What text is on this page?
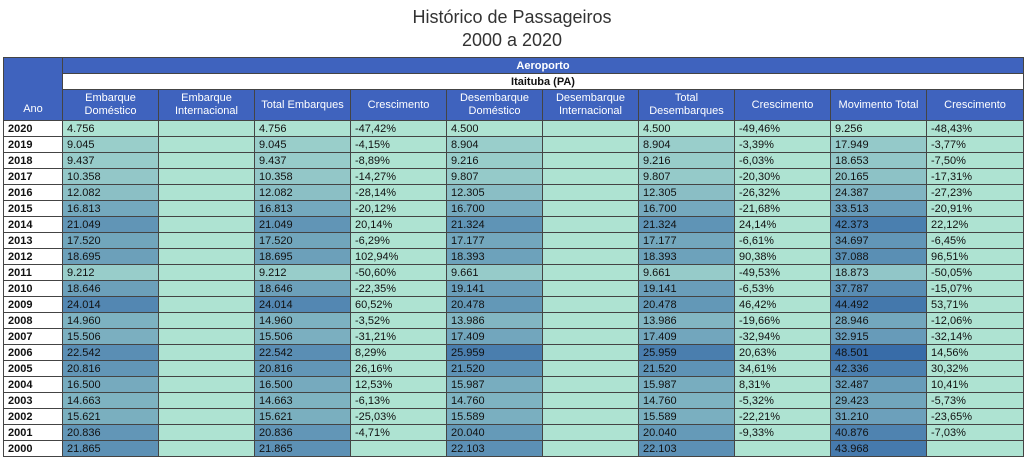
Histórico de Passageiros
2000 a 2020
Ano	Aeroporto									
	Itaituba (PA)									
	Embarque Doméstico	Embarque Internacional	Total Embarques	Crescimento	Desembarque Doméstico	Desembarque Internacional	Total Desembarques	Crescimento	Movimento Total	Crescimento
2020	4.756		4.756	-47,42%	4.500		4.500	-49,46%	9.256	-48,43%
2019	9.045		9.045	-4,15%	8.904		8.904	-3,39%	17.949	-3,77%
2018	9.437		9.437	-8,89%	9.216		9.216	-6,03%	18.653	-7,50%
2017	10.358		10.358	-14,27%	9.807		9.807	-20,30%	20.165	-17,31%
2016	12.082		12.082	-28,14%	12.305		12.305	-26,32%	24.387	-27,23%
2015	16.813		16.813	-20,12%	16.700		16.700	-21,68%	33.513	-20,91%
2014	21.049		21.049	20,14%	21.324		21.324	24,14%	42.373	22,12%
2013	17.520		17.520	-6,29%	17.177		17.177	-6,61%	34.697	-6,45%
2012	18.695		18.695	102,94%	18.393		18.393	90,38%	37.088	96,51%
2011	9.212		9.212	-50,60%	9.661		9.661	-49,53%	18.873	-50,05%
2010	18.646		18.646	-22,35%	19.141		19.141	-6,53%	37.787	-15,07%
2009	24.014		24.014	60,52%	20.478		20.478	46,42%	44.492	53,71%
2008	14.960		14.960	-3,52%	13.986		13.986	-19,66%	28.946	-12,06%
2007	15.506		15.506	-31,21%	17.409		17.409	-32,94%	32.915	-32,14%
2006	22.542		22.542	8,29%	25.959		25.959	20,63%	48.501	14,56%
2005	20.816		20.816	26,16%	21.520		21.520	34,61%	42.336	30,32%
2004	16.500		16.500	12,53%	15.987		15.987	8,31%	32.487	10,41%
2003	14.663		14.663	-6,13%	14.760		14.760	-5,32%	29.423	-5,73%
2002	15.621		15.621	-25,03%	15.589		15.589	-22,21%	31.210	-23,65%
2001	20.836		20.836	-4,71%	20.040		20.040	-9,33%	40.876	-7,03%
2000	21.865		21.865		22.103		22.103		43.968	
